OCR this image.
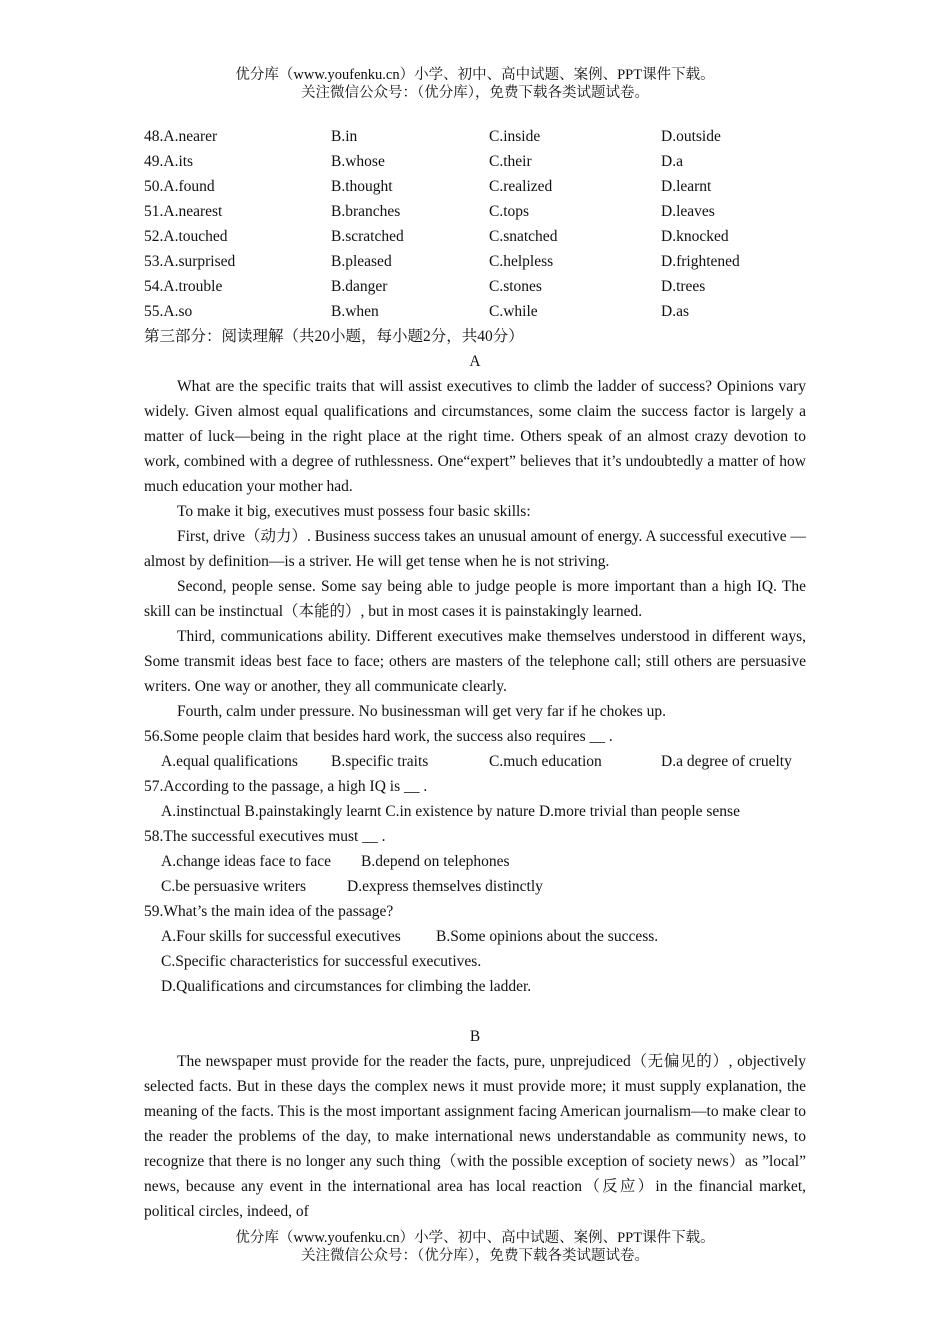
优分库（www.youfenku.cn）小学、初中、高中试题、案例、PPT课件下载。
关注微信公众号：（优分库），免费下载各类试题试卷。
48.A.nearer	B.in	C.inside	D.outside
49.A.its	B.whose	C.their	D.a
50.A.found	B.thought	C.realized	D.learnt
51.A.nearest	B.branches	C.tops	D.leaves
52.A.touched	B.scratched	C.snatched	D.knocked
53.A.surprised	B.pleased	C.helpless	D.frightened
54.A.trouble	B.danger	C.stones	D.trees
55.A.so	B.when	C.while	D.as
第三部分：阅读理解（共20小题，每小题2分，共40分）
A

What are the specific traits that will assist executives to climb the ladder of success? Opinions vary widely. Given almost equal qualifications and circumstances, some claim the success factor is largely a matter of luck—being in the right place at the right time. Others speak of an almost crazy devotion to work, combined with a degree of ruthlessness. One“expert” believes that it’s undoubtedly a matter of how much education your mother had.

To make it big, executives must possess four basic skills:

First, drive（动力）. Business success takes an unusual amount of energy. A successful executive — almost by definition—is a striver. He will get tense when he is not striving.

Second, people sense. Some say being able to judge people is more important than a high IQ. The skill can be instinctual（本能的）, but in most cases it is painstakingly learned.

Third, communications ability. Different executives make themselves understood in different ways, Some transmit ideas best face to face; others are masters of the telephone call; still others are persuasive writers. One way or another, they all communicate clearly.

Fourth, calm under pressure. No businessman will get very far if he chokes up.

56.Some people claim that besides hard work, the success also requires __ .
A.equal qualifications B.specific traits	C.much education	D.a degree of cruelty
57.According to the passage, a high IQ is __ .
A.instinctual B.painstakingly learnt C.in existence by nature D.more trivial than people sense
58.The successful executives must __ .
A.change ideas face to face B.depend on telephones
C.be persuasive writers	D.express themselves distinctly
59.What’s the main idea of the passage?
A.Four skills for successful executives B.Some opinions about the success.
C.Specific characteristics for successful executives.
D.Qualifications and circumstances for climbing the ladder.
B

The newspaper must provide for the reader the facts, pure, unprejudiced（无偏见的）, objectively selected facts. But in these days the complex news it must provide more; it must supply explanation, the meaning of the facts. This is the most important assignment facing American journalism—to make clear to the reader the problems of the day, to make international news understandable as community news, to recognize that there is no longer any such thing（with the possible exception of society news）as ”local” news, because any event in the international area has local reaction（反应）in the financial market, political circles, indeed, of

优分库（www.youfenku.cn）小学、初中、高中试题、案例、PPT课件下载。
关注微信公众号：（优分库），免费下载各类试题试卷。
